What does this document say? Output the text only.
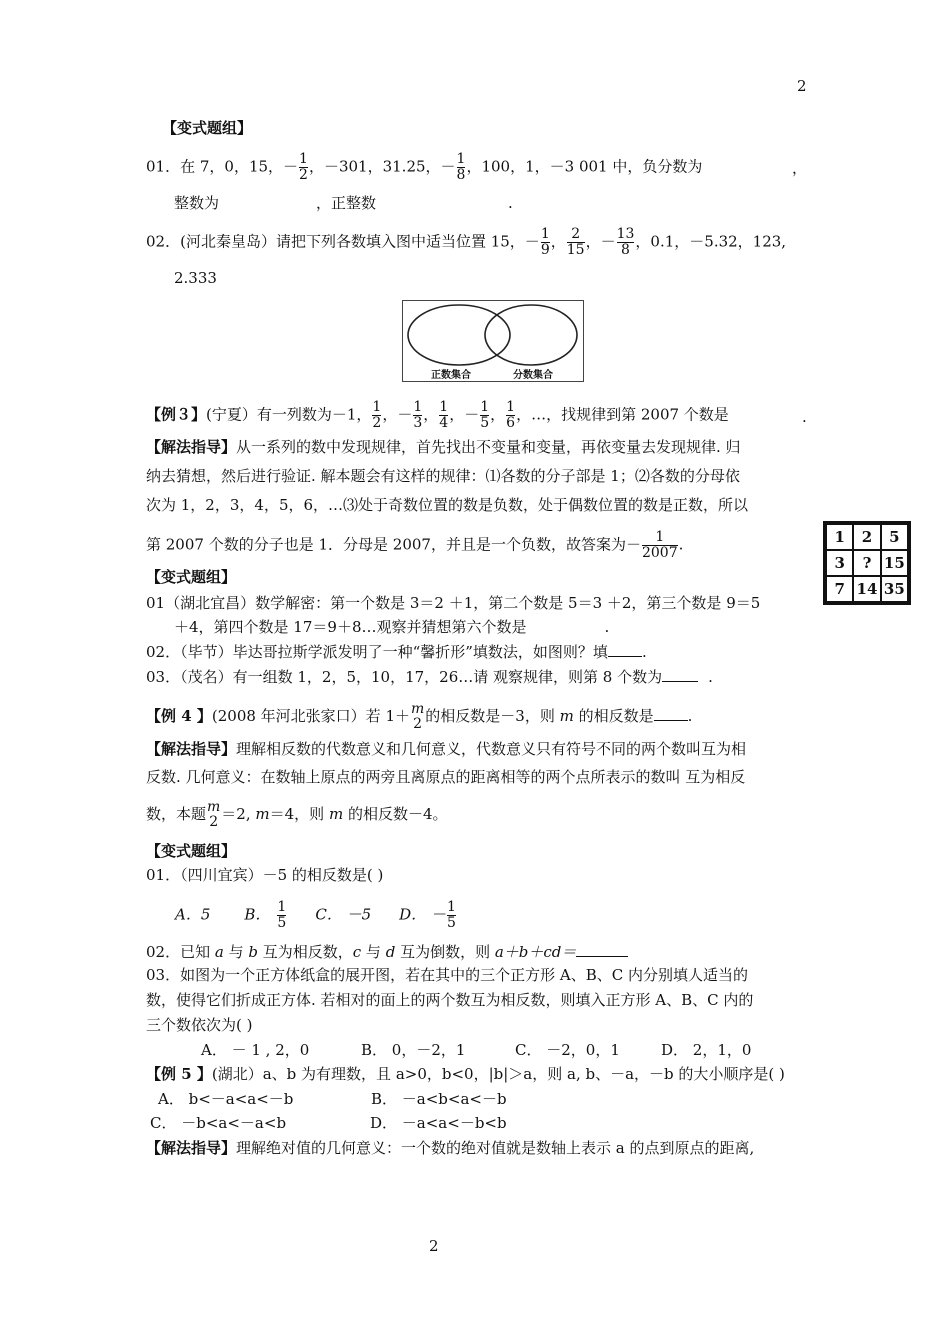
2
【变式题组】
01．在 7，0，15，－ $\frac{1}{2}$ ，－301，31.25，－ $\frac{1}{8}$ ，100，1，－3 001 中，负分数为	，
整数为	，正整数	.
02．(河北秦皇岛）请把下列各数填入图中适当位置 15，－ $\frac{1}{9}$ ， $\frac{2}{15}$ ，－ $\frac{13}{8}$ ，0.1，－5.32，123,
2.333
正数集合	分数集合
【例３】(宁夏）有一列数为－1， $\frac{1}{2}$ ，－ $\frac{1}{3}$ ， $\frac{1}{4}$ ，－ $\frac{1}{5}$ ， $\frac{1}{6}$ ，…，找规律到第 2007 个数是	.
【解法指导】从一系列的数中发现规律，首先找出不变量和变量，再依变量去发现规律. 归
纳去猜想，然后进行验证. 解本题会有这样的规律：⑴各数的分子部是 1；⑵各数的分母依
次为 1，2，3，4，5，6，…⑶处于奇数位置的数是负数，处于偶数位置的数是正数，所以
第 2007 个数的分子也是 1．分母是 2007，并且是一个负数，故答案为－ $\frac{1}{2007}$ .	1	2	5
3	? 15
7 14 35
【变式题组】
01（湖北宜昌）数学解密：第一个数是 3＝2 ＋1，第二个数是 5＝3 ＋2，第三个数是 9＝5
＋4，第四个数是 17＝9＋8…观察并猜想第六个数是	.
02．（毕节）毕达哥拉斯学派发明了一种“馨折形”填数法，如图则？填 .
03．（茂名）有一组数 1，2，5，10，17，26…请 观察规律，则第 8 个数为	.
【例 4 】(2008 年河北张家口）若 1＋ m
2 的相反数是－3，则 m 的相反数是 .
【解法指导】理解相反数的代数意义和几何意义，代数意义只有符号不同的两个数叫互为相
反数. 几何意义：在数轴上原点的两旁且离原点的距离相等的两个点所表示的数叫 互为相反
数，本题 m
2 ＝2, m＝4，则 m 的相反数－4。
【变式题组】
01．（四川宜宾）－5 的相反数是( )
A．5 B． $\frac{1}{5}$ C． －5 D． － $\frac{1}{5}$
02．已知 a 与 b 互为相反数，c 与 d 互为倒数，则 a＋b＋cd＝
03．如图为一个正方体纸盒的展开图，若在其中的三个正方形 A、B、C 内分别填人适当的
数，使得它们折成正方体. 若相对的面上的两个数互为相反数，则填入正方形 A、B、C 内的
三个数依次为( )
A． － 1 , 2，0	B． 0，－2，1	C． －2，0，1	D． 2，1，0
【例 5 】(湖北）a、b 为有理数，且 a>0，b<0，|b|＞a，则 a, b、－a，－b 的大小顺序是( )
A． b<－a<a<－b	B． －a<b<a<－b
C． －b<a<－a<b	D． －a<a<－b<b
【解法指导】理解绝对值的几何意义：一个数的绝对值就是数轴上表示 a 的点到原点的距离,
2
